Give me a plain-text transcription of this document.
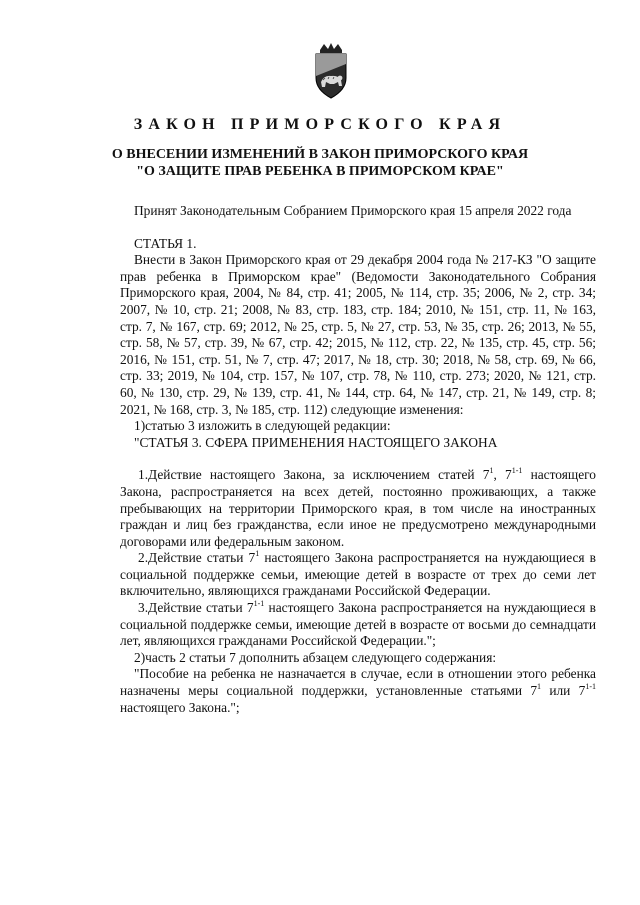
ЗАКОН ПРИМОРСКОГО КРАЯ
О ВНЕСЕНИИ ИЗМЕНЕНИЙ В ЗАКОН ПРИМОРСКОГО КРАЯ
"О ЗАЩИТЕ ПРАВ РЕБЕНКА В ПРИМОРСКОМ КРАЕ"

Принят Законодательным Собранием Приморского края 15 апреля 2022 года

СТАТЬЯ 1.

Внести в Закон Приморского края от 29 декабря 2004 года № 217-КЗ "О защите прав ребенка в Приморском крае" (Ведомости Законодательного Собрания Приморского края, 2004, № 84, стр. 41; 2005, № 114, стр. 35; 2006, № 2, стр. 34; 2007, № 10, стр. 21; 2008, № 83, стр. 183, стр. 184; 2010, № 151, стр. 11, № 163, стр. 7, № 167, стр. 69; 2012, № 25, стр. 5, № 27, стр. 53, № 35, стр. 26; 2013, № 55, стр. 58, № 57, стр. 39, № 67, стр. 42; 2015, № 112, стр. 22, № 135, стр. 45, стр. 56; 2016, № 151, стр. 51, № 7, стр. 47; 2017, № 18, стр. 30; 2018, № 58, стр. 69, № 66, стр. 33; 2019, № 104, стр. 157, № 107, стр. 78, № 110, стр. 273; 2020, № 121, стр. 60, № 130, стр. 29, № 139, стр. 41, № 144, стр. 64, № 147, стр. 21, № 149, стр. 8; 2021, № 168, стр. 3, № 185, стр. 112) следующие изменения:

1)статью 3 изложить в следующей редакции:

"СТАТЬЯ 3. СФЕРА ПРИМЕНЕНИЯ НАСТОЯЩЕГО ЗАКОНА

1.Действие настоящего Закона, за исключением статей $7^1$, 7$^{1-1}$ настоящего Закона, распространяется на всех детей, постоянно проживающих, а также пребывающих на территории Приморского края, в том числе на иностранных граждан и лиц без гражданства, если иное не предусмотрено международными договорами или федеральным законом.

2.Действие статьи $7^1$ настоящего Закона распространяется на нуждающиеся в социальной поддержке семьи, имеющие детей в возрасте от трех до семи лет включительно, являющихся гражданами Российской Федерации.

3.Действие статьи 7$^{1-1}$ настоящего Закона распространяется на нуждающиеся в социальной поддержке семьи, имеющие детей в возрасте от восьми до семнадцати лет, являющихся гражданами Российской Федерации.";

2)часть 2 статьи 7 дополнить абзацем следующего содержания:

"Пособие на ребенка не назначается в случае, если в отношении этого ребенка назначены меры социальной поддержки, установленные статьями $7^1$ или 7$^{1-1}$ настоящего Закона.";
